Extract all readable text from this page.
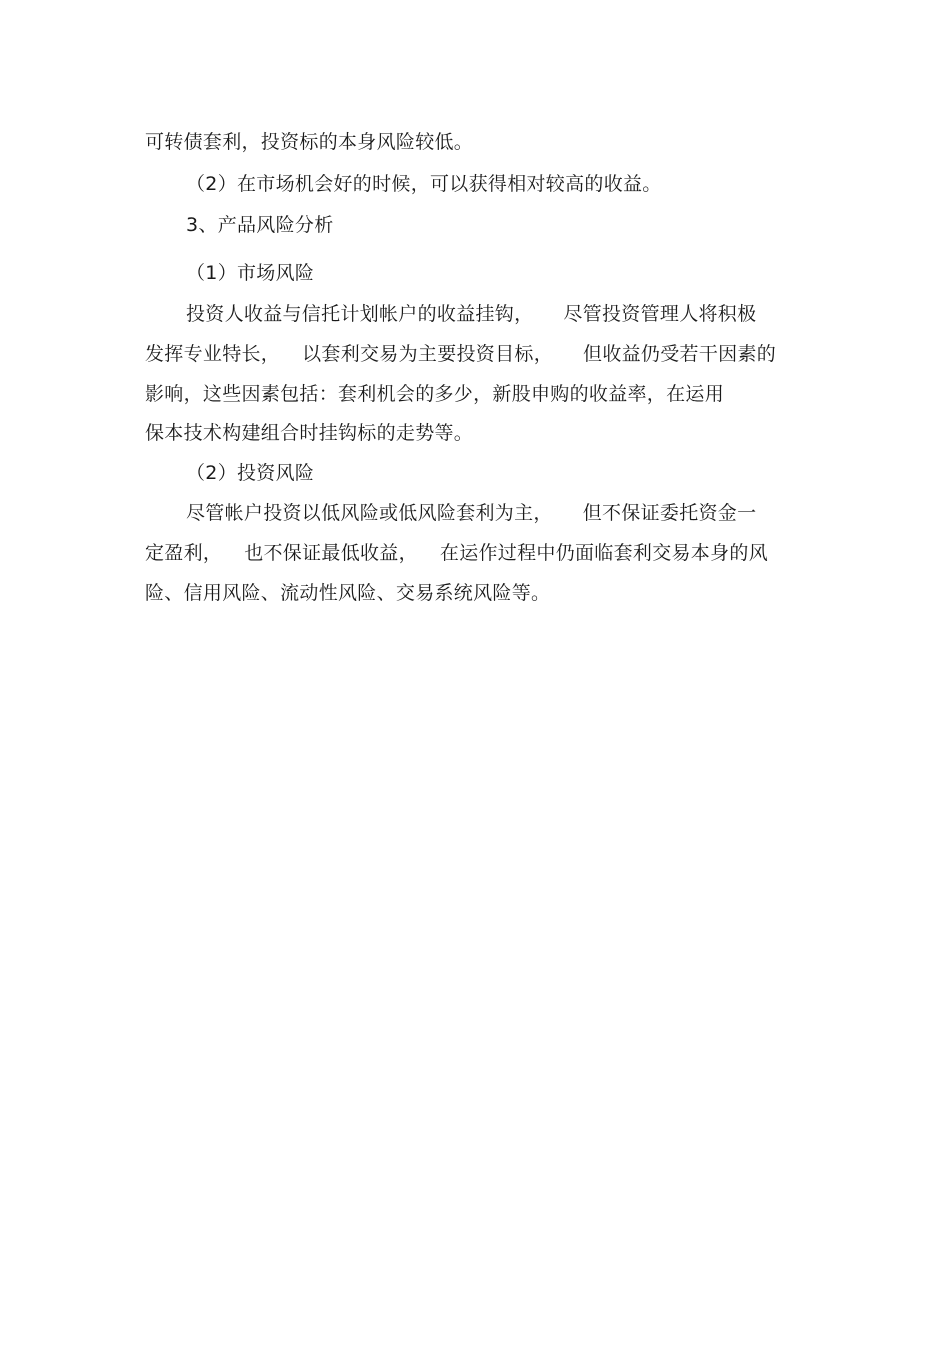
可转债套利，投资标的本身风险较低。
（2）在市场机会好的时候，可以获得相对较高的收益。
3、产品风险分析
（1）市场风险
投资人收益与信托计划帐户的收益挂钩， 尽管投资管理人将积极
发挥专业特长， 以套利交易为主要投资目标， 但收益仍受若干因素的
影响，这些因素包括：套利机会的多少，新股申购的收益率，在运用
保本技术构建组合时挂钩标的走势等。
（2）投资风险
尽管帐户投资以低风险或低风险套利为主， 但不保证委托资金一
定盈利， 也不保证最低收益， 在运作过程中仍面临套利交易本身的风
险、信用风险、流动性风险、交易系统风险等。
